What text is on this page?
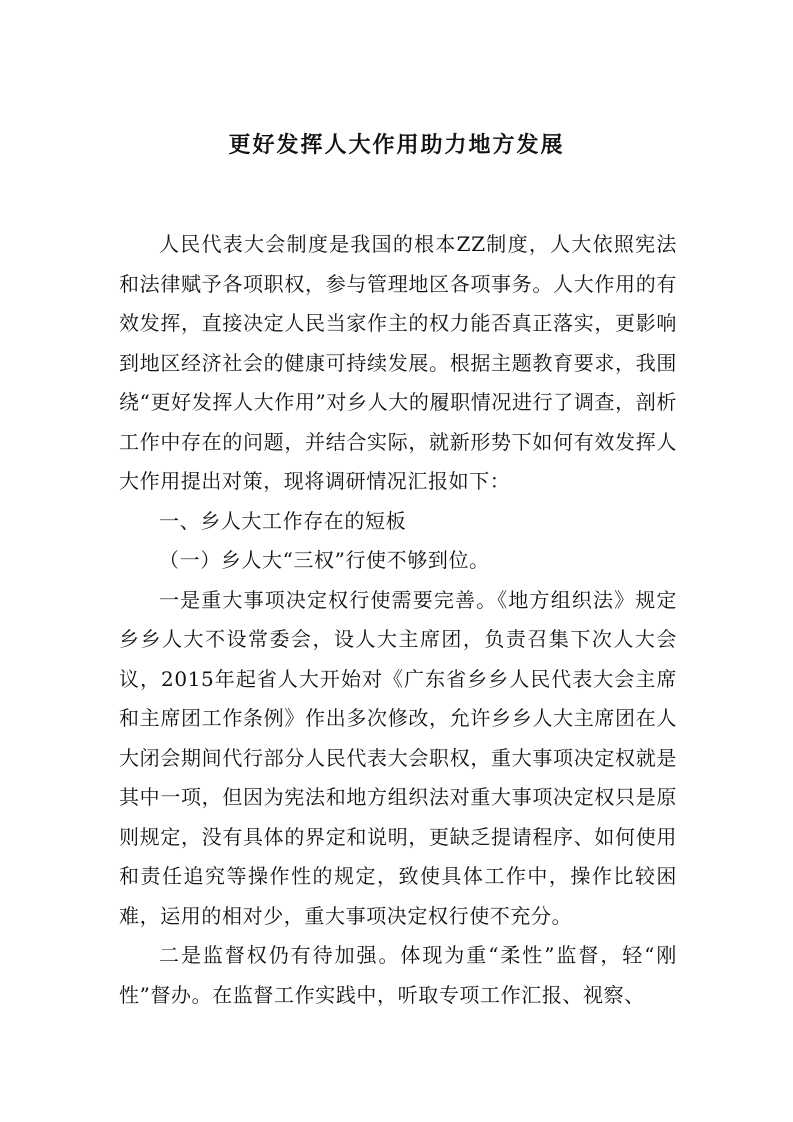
更好发挥人大作用助力地方发展

人民代表大会制度是我国的根本ZZ制度，人大依照宪法和法律赋予各项职权，参与管理地区各项事务。人大作用的有效发挥，直接决定人民当家作主的权力能否真正落实，更影响到地区经济社会的健康可持续发展。根据主题教育要求，我围绕“更好发挥人大作用”对乡人大的履职情况进行了调查，剖析工作中存在的问题，并结合实际，就新形势下如何有效发挥人大作用提出对策，现将调研情况汇报如下：

一、乡人大工作存在的短板

（一）乡人大“三权”行使不够到位。

一是重大事项决定权行使需要完善。《地方组织法》规定乡乡人大不设常委会，设人大主席团，负责召集下次人大会议，2015年起省人大开始对《广东省乡乡人民代表大会主席和主席团工作条例》作出多次修改，允许乡乡人大主席团在人大闭会期间代行部分人民代表大会职权，重大事项决定权就是其中一项，但因为宪法和地方组织法对重大事项决定权只是原则规定，没有具体的界定和说明，更缺乏提请程序、如何使用和责任追究等操作性的规定，致使具体工作中，操作比较困难，运用的相对少，重大事项决定权行使不充分。

二是监督权仍有待加强。体现为重“柔性”监督，轻“刚性”督办。在监督工作实践中，听取专项工作汇报、视察、
